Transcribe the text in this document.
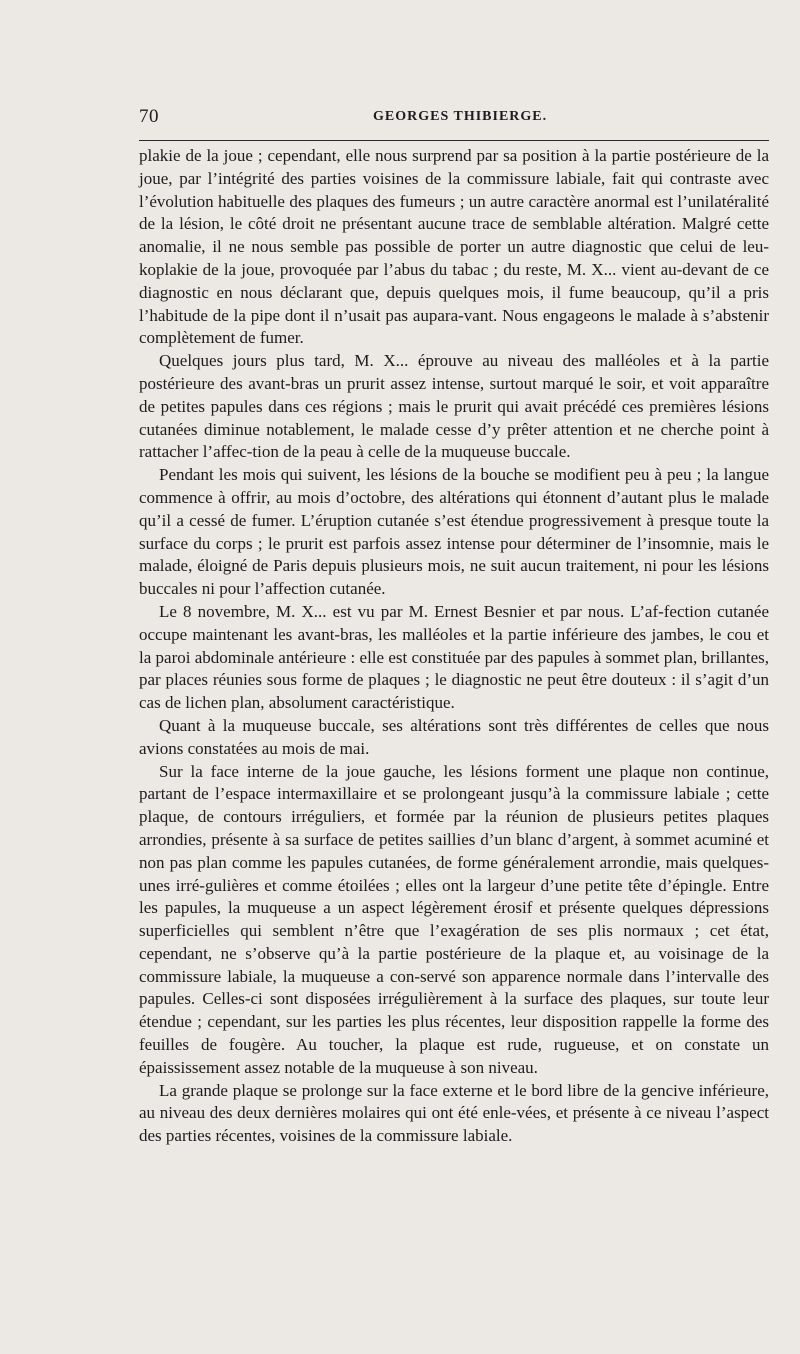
70	GEORGES THIBIERGE.

plakie de la joue ; cependant, elle nous surprend par sa position à la partie postérieure de la joue, par l’intégrité des parties voisines de la commissure labiale, fait qui contraste avec l’évolution habituelle des plaques des fumeurs ; un autre caractère anormal est l’unilatéralité de la lésion, le côté droit ne présentant aucune trace de semblable altération. Malgré cette anomalie, il ne nous semble pas possible de porter un autre diagnostic que celui de leu-koplakie de la joue, provoquée par l’abus du tabac ; du reste, M. X... vient au-devant de ce diagnostic en nous déclarant que, depuis quelques mois, il fume beaucoup, qu’il a pris l’habitude de la pipe dont il n’usait pas aupara-vant. Nous engageons le malade à s’abstenir complètement de fumer.

Quelques jours plus tard, M. X... éprouve au niveau des malléoles et à la partie postérieure des avant-bras un prurit assez intense, surtout marqué le soir, et voit apparaître de petites papules dans ces régions ; mais le prurit qui avait précédé ces premières lésions cutanées diminue notablement, le malade cesse d’y prêter attention et ne cherche point à rattacher l’affec-tion de la peau à celle de la muqueuse buccale.

Pendant les mois qui suivent, les lésions de la bouche se modifient peu à peu ; la langue commence à offrir, au mois d’octobre, des altérations qui étonnent d’autant plus le malade qu’il a cessé de fumer. L’éruption cutanée s’est étendue progressivement à presque toute la surface du corps ; le prurit est parfois assez intense pour déterminer de l’insomnie, mais le malade, éloigné de Paris depuis plusieurs mois, ne suit aucun traitement, ni pour les lésions buccales ni pour l’affection cutanée.

Le 8 novembre, M. X... est vu par M. Ernest Besnier et par nous. L’af-fection cutanée occupe maintenant les avant-bras, les malléoles et la partie inférieure des jambes, le cou et la paroi abdominale antérieure : elle est constituée par des papules à sommet plan, brillantes, par places réunies sous forme de plaques ; le diagnostic ne peut être douteux : il s’agit d’un cas de lichen plan, absolument caractéristique.

Quant à la muqueuse buccale, ses altérations sont très différentes de celles que nous avions constatées au mois de mai.

Sur la face interne de la joue gauche, les lésions forment une plaque non continue, partant de l’espace intermaxillaire et se prolongeant jusqu’à la commissure labiale ; cette plaque, de contours irréguliers, et formée par la réunion de plusieurs petites plaques arrondies, présente à sa surface de petites saillies d’un blanc d’argent, à sommet acuminé et non pas plan comme les papules cutanées, de forme généralement arrondie, mais quelques-unes irré-gulières et comme étoilées ; elles ont la largeur d’une petite tête d’épingle. Entre les papules, la muqueuse a un aspect légèrement érosif et présente quelques dépressions superficielles qui semblent n’être que l’exagération de ses plis normaux ; cet état, cependant, ne s’observe qu’à la partie postérieure de la plaque et, au voisinage de la commissure labiale, la muqueuse a con-servé son apparence normale dans l’intervalle des papules. Celles-ci sont disposées irrégulièrement à la surface des plaques, sur toute leur étendue ; cependant, sur les parties les plus récentes, leur disposition rappelle la forme des feuilles de fougère. Au toucher, la plaque est rude, rugueuse, et on constate un épaississement assez notable de la muqueuse à son niveau.

La grande plaque se prolonge sur la face externe et le bord libre de la gencive inférieure, au niveau des deux dernières molaires qui ont été enle-vées, et présente à ce niveau l’aspect des parties récentes, voisines de la commissure labiale.
